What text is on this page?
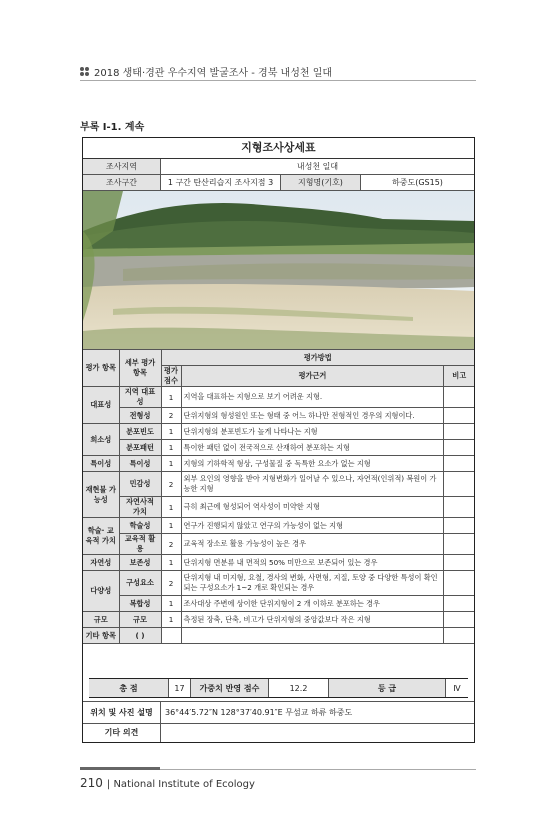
2018 생태·경관 우수지역 발굴조사 - 경북 내성천 일대
부록 Ⅰ-1. 계속
지형조사상세표
조사지역	내성천 일대
조사구간	1 구간 탄산리습지 조사지점 3	지형명(기호)	하중도(GS15)
평가 항목	세부 평가항목	평가방법		
		평가 점수	평가근거	비고
대표성	지역 대표성	1	지역을 대표하는 지형으로 보기 어려운 지형.	
	전형성	2	단위지형의 형성원인 또는 형태 중 어느 하나만 전형적인 경우의 지형이다.	
희소성	분포빈도	1	단위지형의 분포빈도가 높게 나타나는 지형	
	분포패턴	1	특이한 패턴 없이 전국적으로 산재하여 분포하는 지형	
특이성	특이성	1	지형의 기하학적 형상, 구성물질 중 독특한 요소가 없는 지형	
재현불 가능성	민감성	2	외부 요인의 영향을 받아 지형변화가 일어날 수 있으나, 자연적(인위적) 복원이 가능한 지형	
	자연사적 가치	1	극히 최근에 형성되어 역사성이 미약한 지형	
학술· 교육적 가치	학술성	1	연구가 진행되지 않았고 연구의 가능성이 없는 지형	
	교육적 활용	2	교육적 장소로 활용 가능성이 높은 경우	
자연성	보존성	1	단위지형 면분류 내 면적의 50% 미만으로 보존되어 있는 경우	
다양성	구성요소	2	단위지형 내 미지형, 요철, 경사의 변화, 사면형, 지질, 토양 중 다양한 특성이 확인되는 구성요소가 1~2 개로 확인되는 경우	
	복합성	1	조사대상 주변에 상이한 단위지형이 2 개 이하로 분포하는 경우	
규모	규모	1	측정된 장축, 단축, 비고가 단위지형의 중앙값보다 작은 지형	
기타 항목	( )			
총 점	17	가중치 반영 점수	12.2	등 급	Ⅳ
위치 및 사진 설명	36°44′5.72″N 128°37′40.91″E 무섬교 하류 하중도
기타 의견
210 | National Institute of Ecology
